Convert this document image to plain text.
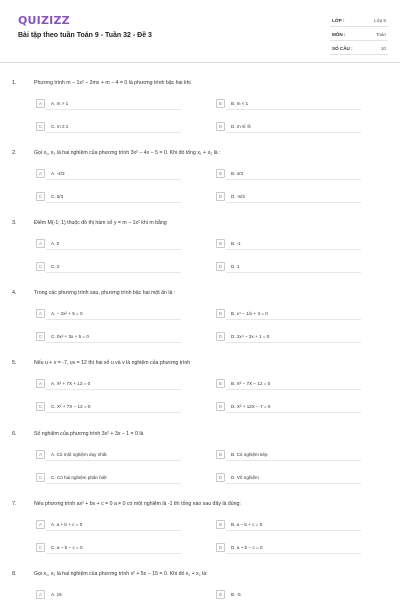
QUIZIZZ
Bài tập theo tuần Toán 9 - Tuần 32 - Đề 3
LỚP :	Lớp 9
MÔN :	Toán
SỐ CÂU :	10
1.	Phương trình m − 1x² − 2mx + m − 4 = 0 là phương trình bậc hai khi
A	A. m > 1	B	B. m < 1
C	C. m ≠ 1	D	D. m ∈ ℝ
2.	Gọi x₁, x₂ là hai nghiệm của phương trình 3x² − 4x − 5 = 0. Khi đó tổng x₁ + x₂ là :
A	A. -4/3	B	B. 4/3
C	C. 5/3	D	D. -5/3
3.	Điểm M(-1; 1) thuộc đồ thị hàm số y = m − 1x² khi m bằng
A	A. 0	B	B. -1
C	C. 2	D	D. 1
4.	Trong các phương trình sau, phương trình bậc hai một ẩn là :
A	A. − 2x² + 5 = 0	B	B. x⁴ − 1/x + 3 = 0
C	C. 0x² + 3x + 5 = 0	D	D. 2x⁴ − 3x + 1 = 0
5.	Nếu u + v = -7, uv = 12 thì hai số u và v là nghiệm của phương trình
A	A. X² + 7X + 12 = 0	B	B. X² − 7X − 12 = 0
C	C. X² + 7X − 12 = 0	D	D. X² + 12X − 7 = 0
6.	Số nghiệm của phương trình 3x² + 3x − 1 = 0 là
A	A. Có một nghiệm duy nhất	B	B. Có nghiệm kép
C	C. Có hai nghiệm phân biệt	D	D. Vô nghiệm
7.	Nếu phương trình ax² + bx + c = 0 a ≠ 0 có một nghiệm là -1 thì tổng nào sau đây là đúng:
A	A. a + b + c = 0	B	B. a − b + c = 0
C	C. a − b − c = 0	D	D. a + b − c = 0
8.	Gọi x₁, x₂ là hai nghiệm của phương trình x² + 5x − 15 = 0. Khi đó x₁ + x₂ là:
A	A. 15	B	B. -5
